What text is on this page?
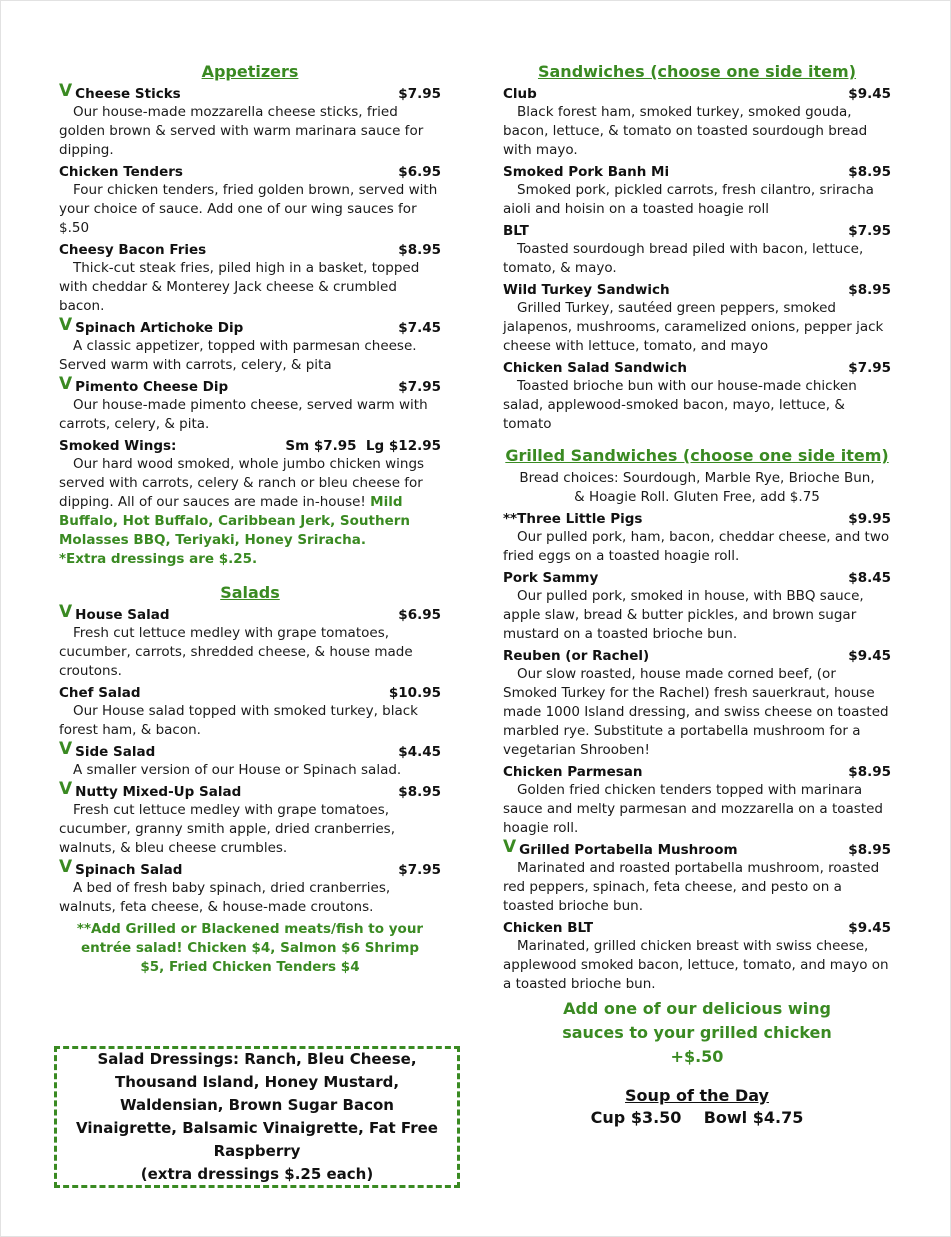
Appetizers
V Cheese Sticks	$7.95
Our house-made mozzarella cheese sticks, fried golden brown & served with warm marinara sauce for dipping.
Chicken Tenders	$6.95
Four chicken tenders, fried golden brown, served with your choice of sauce. Add one of our wing sauces for $.50
Cheesy Bacon Fries	$8.95
Thick-cut steak fries, piled high in a basket, topped with cheddar & Monterey Jack cheese & crumbled bacon.
V Spinach Artichoke Dip	$7.45
A classic appetizer, topped with parmesan cheese. Served warm with carrots, celery, & pita
V Pimento Cheese Dip	$7.95
Our house-made pimento cheese, served warm with carrots, celery, & pita.
Smoked Wings:	Sm $7.95  Lg $12.95
Our hard wood smoked, whole jumbo chicken wings served with carrots, celery & ranch or bleu cheese for dipping. All of our sauces are made in-house! Mild Buffalo, Hot Buffalo, Caribbean Jerk, Southern Molasses BBQ, Teriyaki, Honey Sriracha.
*Extra dressings are $.25.
Salads
V House Salad	$6.95
Fresh cut lettuce medley with grape tomatoes, cucumber, carrots, shredded cheese, & house made croutons.
Chef Salad	$10.95
Our House salad topped with smoked turkey, black forest ham, & bacon.
V Side Salad	$4.45
A smaller version of our House or Spinach salad.
V Nutty Mixed-Up Salad	$8.95
Fresh cut lettuce medley with grape tomatoes, cucumber, granny smith apple, dried cranberries, walnuts, & bleu cheese crumbles.
V Spinach Salad	$7.95
A bed of fresh baby spinach, dried cranberries, walnuts, feta cheese, & house-made croutons.
**Add Grilled or Blackened meats/fish to your entrée salad! Chicken $4, Salmon $6 Shrimp $5, Fried Chicken Tenders $4
Salad Dressings: Ranch, Bleu Cheese, Thousand Island, Honey Mustard, Waldensian, Brown Sugar Bacon Vinaigrette, Balsamic Vinaigrette, Fat Free Raspberry
(extra dressings $.25 each)
Sandwiches (choose one side item)
Club	$9.45
Black forest ham, smoked turkey, smoked gouda, bacon, lettuce, & tomato on toasted sourdough bread with mayo.
Smoked Pork Banh Mi	$8.95
Smoked pork, pickled carrots, fresh cilantro, sriracha aioli and hoisin on a toasted hoagie roll
BLT	$7.95
Toasted sourdough bread piled with bacon, lettuce, tomato, & mayo.
Wild Turkey Sandwich	$8.95
Grilled Turkey, sautéed green peppers, smoked jalapenos, mushrooms, caramelized onions, pepper jack cheese with lettuce, tomato, and mayo
Chicken Salad Sandwich	$7.95
Toasted brioche bun with our house-made chicken salad, applewood-smoked bacon, mayo, lettuce, & tomato
Grilled Sandwiches (choose one side item)
Bread choices: Sourdough, Marble Rye, Brioche Bun, & Hoagie Roll. Gluten Free, add $.75
**Three Little Pigs	$9.95
Our pulled pork, ham, bacon, cheddar cheese, and two fried eggs on a toasted hoagie roll.
Pork Sammy	$8.45
Our pulled pork, smoked in house, with BBQ sauce, apple slaw, bread & butter pickles, and brown sugar mustard on a toasted brioche bun.
Reuben (or Rachel)	$9.45
Our slow roasted, house made corned beef, (or Smoked Turkey for the Rachel) fresh sauerkraut, house made 1000 Island dressing, and swiss cheese on toasted marbled rye. Substitute a portabella mushroom for a vegetarian Shrooben!
Chicken Parmesan	$8.95
Golden fried chicken tenders topped with marinara sauce and melty parmesan and mozzarella on a toasted hoagie roll.
V Grilled Portabella Mushroom	$8.95
Marinated and roasted portabella mushroom, roasted red peppers, spinach, feta cheese, and pesto on a toasted brioche bun.
Chicken BLT	$9.45
Marinated, grilled chicken breast with swiss cheese, applewood smoked bacon, lettuce, tomato, and mayo on a toasted brioche bun.
Add one of our delicious wing sauces to your grilled chicken +$.50
Soup of the Day
Cup $3.50    Bowl $4.75
